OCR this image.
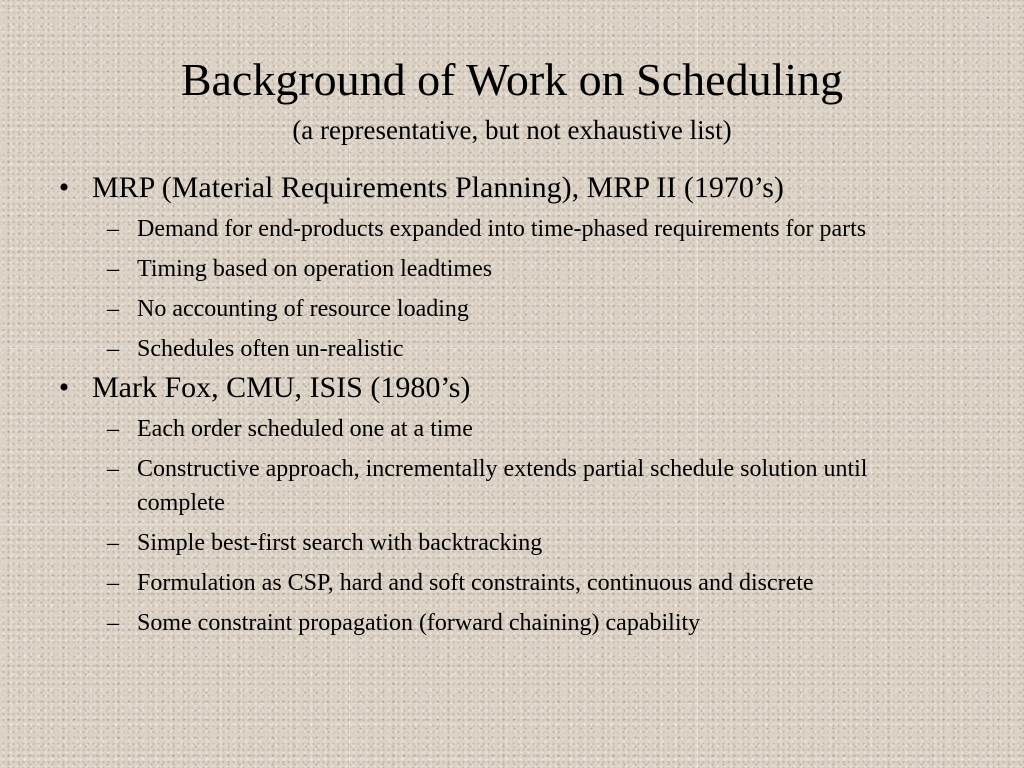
Background of Work on Scheduling

(a representative, but not exhaustive list)

• MRP (Material Requirements Planning), MRP II (1970’s)

– Demand for end-products expanded into time-phased requirements for parts

– Timing based on operation leadtimes

– No accounting of resource loading

– Schedules often un-realistic

• Mark Fox, CMU, ISIS (1980’s)

– Each order scheduled one at a time

– Constructive approach, incrementally extends partial schedule solution until complete

– Simple best-first search with backtracking

– Formulation as CSP, hard and soft constraints, continuous and discrete

– Some constraint propagation (forward chaining) capability
